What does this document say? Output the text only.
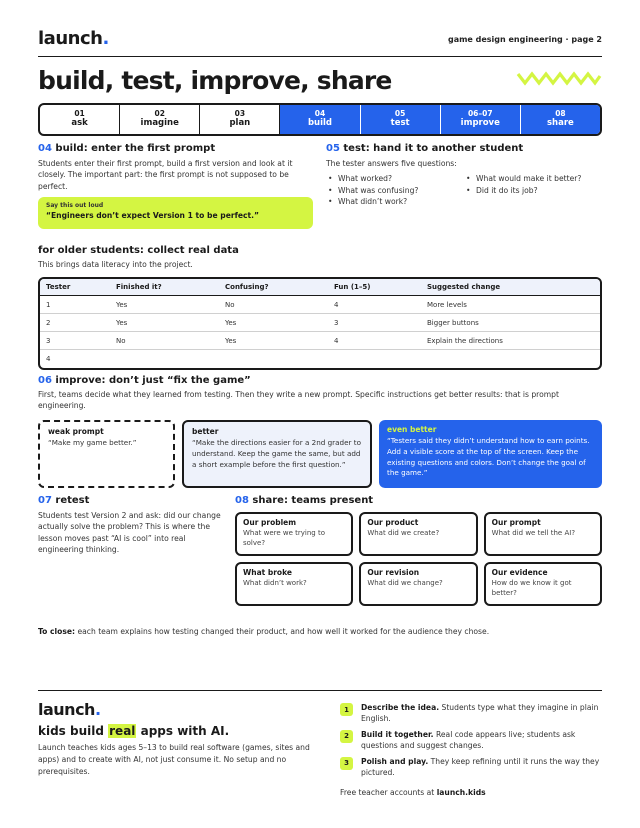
launch.	game design engineering · page 2
build, test, improve, share
01
ask
02
imagine
03
plan
04
build
05
test
06–07
improve
08
share
04 build: enter the first prompt

Students enter their first prompt, build a first version and look at it closely. The important part: the first prompt is not supposed to be perfect.

Say this out loud
“Engineers don’t expect Version 1 to be perfect.”
05 test: hand it to another student

The tester answers five questions:

• What worked?
• What was confusing?
• What didn’t work?
• What would make it better?
• Did it do its job?
for older students: collect real data

This brings data literacy into the project.

Tester	Finished it?	Confusing?	Fun (1–5)	Suggested change
1	Yes	No	4	More levels
2	Yes	Yes	3	Bigger buttons
3	No	Yes	4	Explain the directions
4
06 improve: don’t just “fix the game”

First, teams decide what they learned from testing. Then they write a new prompt. Specific instructions get better results: that is prompt engineering.

weak prompt
“Make my game better.”
better
“Make the directions easier for a 2nd grader to understand. Keep the game the same, but add a short example before the first question.”
even better
“Testers said they didn’t understand how to earn points. Add a visible score at the top of the screen. Keep the existing questions and colors. Don’t change the goal of the game.”
07 retest

Students test Version 2 and ask: did our change actually solve the problem? This is where the lesson moves past “AI is cool” into real engineering thinking.

08 share: teams present
Our problem
What were we trying to solve?
Our product
What did we create?
Our prompt
What did we tell the AI?
What broke
What didn’t work?
Our revision
What did we change?
Our evidence
How do we know it got better?
To close: each team explains how testing changed their product, and how well it worked for the audience they chose.
launch.
kids build real apps with AI.
Launch teaches kids ages 5–13 to build real software (games, sites and apps) and to create with AI, not just consume it. No setup and no prerequisites.
1	Describe the idea. Students type what they imagine in plain English.
2	Build it together. Real code appears live; students ask questions and suggest changes.
3	Polish and play. They keep refining until it runs the way they pictured.
Free teacher accounts at launch.kids
